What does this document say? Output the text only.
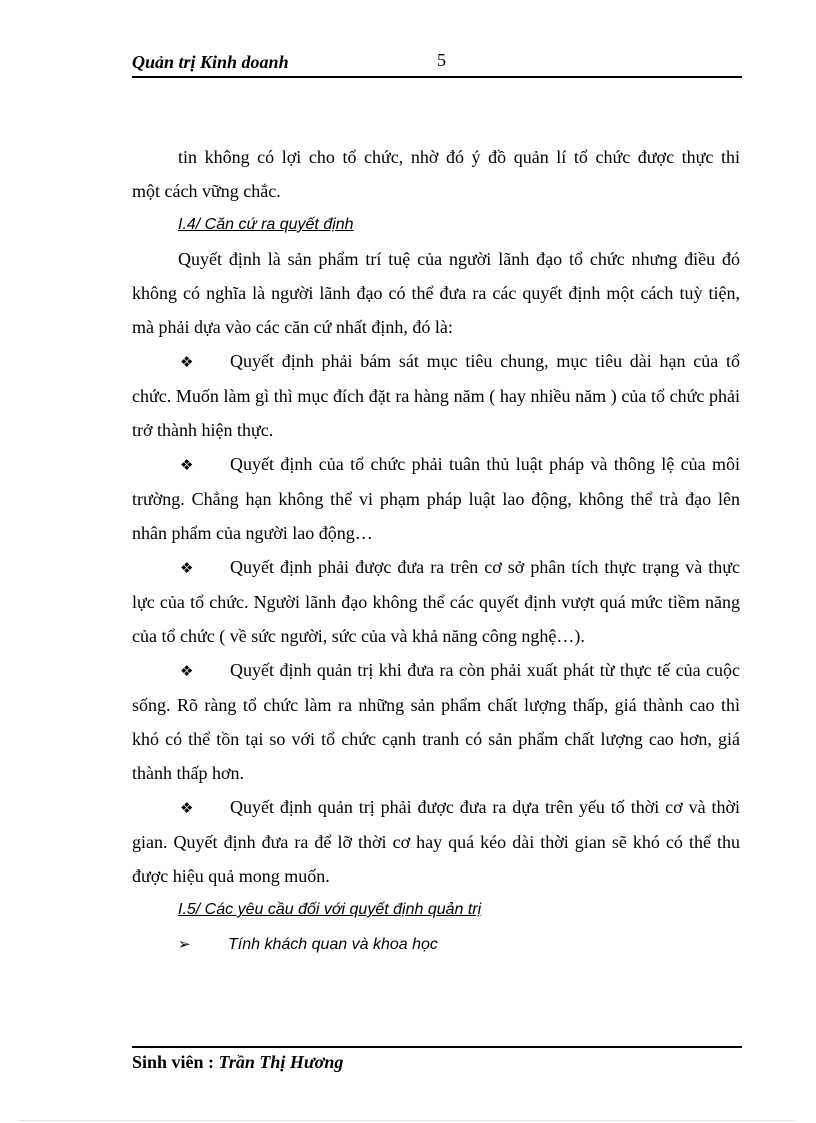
Quản trị Kinh doanh	5

tin không có lợi cho tổ chức, nhờ đó ý đồ quản lí tổ chức được thực thi

một cách vững chắc.

I.4/ Căn cứ ra quyết định

Quyết định là sản phẩm trí tuệ của người lãnh đạo tổ chức nhưng điều đó không có nghĩa là người lãnh đạo có thể đưa ra các quyết định một cách tuỳ tiện, mà phải dựa vào các căn cứ nhất định, đó là:

❖ Quyết định phải bám sát mục tiêu chung, mục tiêu dài hạn của tổ chức. Muốn làm gì thì mục đích đặt ra hàng năm ( hay nhiều năm ) của tổ chức phải trở thành hiện thực.

❖ Quyết định của tổ chức phải tuân thủ luật pháp và thông lệ của môi trường. Chẳng hạn không thể vi phạm pháp luật lao động, không thể trà đạo lên nhân phẩm của người lao động…

❖ Quyết định phải được đưa ra trên cơ sở phân tích thực trạng và thực lực của tổ chức. Người lãnh đạo không thể các quyết định vượt quá mức tiềm năng của tổ chức ( về sức người, sức của và khả năng công nghệ…).

❖ Quyết định quản trị khi đưa ra còn phải xuất phát từ thực tế của cuộc sống. Rõ ràng tổ chức làm ra những sản phẩm chất lượng thấp, giá thành cao thì khó có thể tồn tại so với tổ chức cạnh tranh có sản phẩm chất lượng cao hơn, giá thành thấp hơn.

❖ Quyết định quản trị phải được đưa ra dựa trên yếu tố thời cơ và thời gian. Quyết định đưa ra để lỡ thời cơ hay quá kéo dài thời gian sẽ khó có thể thu được hiệu quả mong muốn.

I.5/ Các yêu cầu đối với quyết định quản trị

➢ Tính khách quan và khoa học

Sinh viên : Trần Thị Hương
